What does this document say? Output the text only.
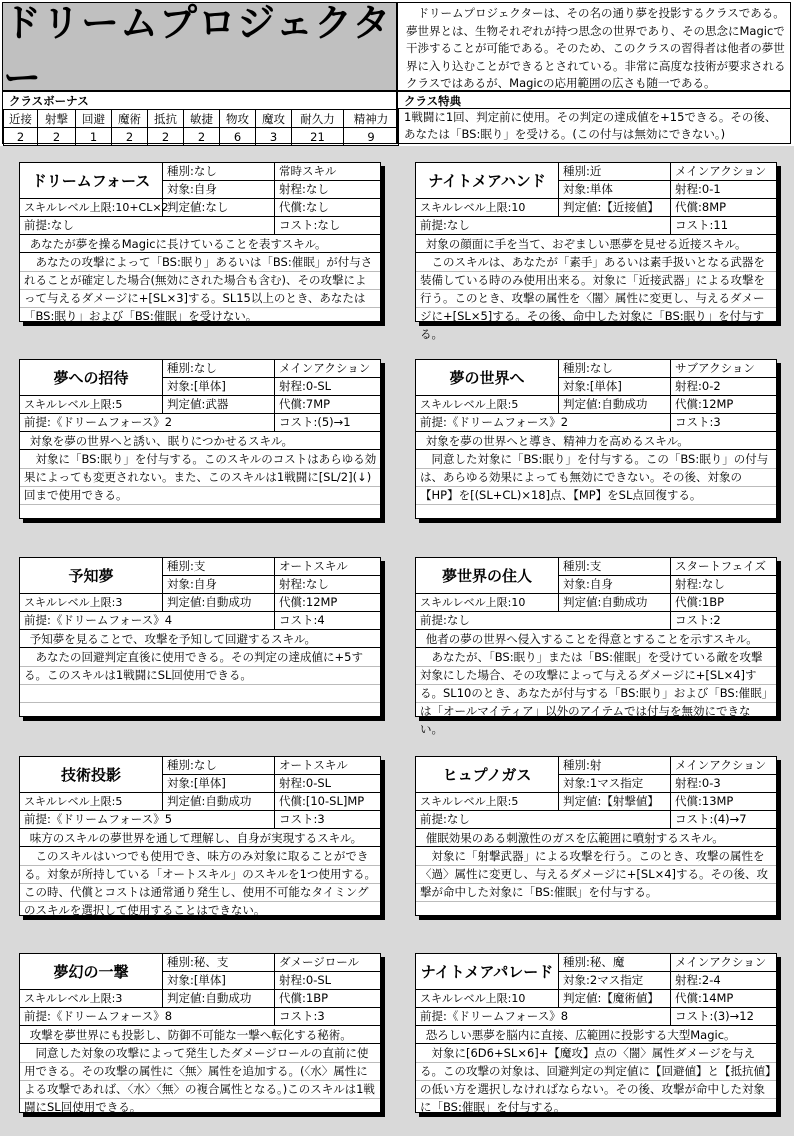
ドリームプロジェクター
ドリームプロジェクターは、その名の通り夢を投影するクラスである。夢世界とは、生物それぞれが持つ思念の世界であり、その思念にMagicで干渉することが可能である。そのため、このクラスの習得者は他者の夢世界に入り込むことができるとされている。非常に高度な技術が要求されるクラスではあるが、Magicの応用範囲の広さも随一である。
クラスボーナス
近接	射撃	回避	魔術	抵抗	敏捷	物攻	魔攻	耐久力	精神力
2	2	1	2	2	2	6	3	21	9
クラス特典
1戦闘に1回、判定前に使用。その判定の達成値を+15できる。その後、あなたは「BS:眠り」を受ける。(この付与は無効にできない。)
ドリームフォース
種別:なし	常時スキル
対象:自身	射程:なし
スキルレベル上限:10+CL×2
判定値:なし	代償:なし
前提:なし	コスト:なし
あなたが夢を操るMagicに長けていることを表すスキル。
あなたの攻撃によって「BS:眠り」あるいは「BS:催眠」が付与されることが確定した場合(無効にされた場合も含む)、その攻撃によって与えるダメージに+[SL×3]する。SL15以上のとき、あなたは「BS:眠り」および「BS:催眠」を受けない。
ナイトメアハンド
種別:近	メインアクション
対象:単体	射程:0-1
スキルレベル上限:10	判定値:【近接値】	代償:8MP
前提:なし	コスト:11
対象の顔面に手を当て、おぞましい悪夢を見せる近接スキル。
このスキルは、あなたが「素手」あるいは素手扱いとなる武器を装備している時のみ使用出来る。対象に「近接武器」による攻撃を行う。このとき、攻撃の属性を〈闇〉属性に変更し、与えるダメージに+[SL×5]する。その後、命中した対象に「BS:眠り」を付与する。
夢への招待
種別:なし	メインアクション
対象:[単体]	射程:0-SL
スキルレベル上限:5	判定値:武器	代償:7MP
前提:《ドリームフォース》2	コスト:(5)→1
対象を夢の世界へと誘い、眠りにつかせるスキル。
対象に「BS:眠り」を付与する。このスキルのコストはあらゆる効果によっても変更されない。また、このスキルは1戦闘に[SL/2](↓)回まで使用できる。
夢の世界へ
種別:なし	サブアクション
対象:[単体]	射程:0-2
スキルレベル上限:5	判定値:自動成功	代償:12MP
前提:《ドリームフォース》2	コスト:3
対象を夢の世界へと導き、精神力を高めるスキル。
同意した対象に「BS:眠り」を付与する。この「BS:眠り」の付与は、あらゆる効果によっても無効にできない。その後、対象の【HP】を[(SL+CL)×18]点、【MP】をSL点回復する。
予知夢
種別:支	オートスキル
対象:自身	射程:なし
スキルレベル上限:3	判定値:自動成功	代償:12MP
前提:《ドリームフォース》4	コスト:4
予知夢を見ることで、攻撃を予知して回避するスキル。
あなたの回避判定直後に使用できる。その判定の達成値に+5する。このスキルは1戦闘にSL回使用できる。
夢世界の住人
種別:支	スタートフェイズ
対象:自身	射程:なし
スキルレベル上限:10	判定値:自動成功	代償:1BP
前提:なし	コスト:2
他者の夢の世界へ侵入することを得意とすることを示すスキル。
あなたが、「BS:眠り」または「BS:催眠」を受けている敵を攻撃対象にした場合、その攻撃によって与えるダメージに+[SL×4]する。SL10のとき、あなたが付与する「BS:眠り」および「BS:催眠」は「オールマイティア」以外のアイテムでは付与を無効にできない。
技術投影
種別:なし	オートスキル
対象:[単体]	射程:0-SL
スキルレベル上限:5	判定値:自動成功	代償:[10-SL]MP
前提:《ドリームフォース》5	コスト:3
味方のスキルの夢世界を通して理解し、自身が実現するスキル。
このスキルはいつでも使用でき、味方のみ対象に取ることができる。対象が所持している「オートスキル」のスキルを1つ使用する。この時、代償とコストは通常通り発生し、使用不可能なタイミングのスキルを選択して使用することはできない。
ヒュプノガス
種別:射	メインアクション
対象:1マス指定	射程:0-3
スキルレベル上限:5	判定値:【射撃値】	代償:13MP
前提:なし	コスト:(4)→7
催眠効果のある刺激性のガスを広範囲に噴射するスキル。
対象に「射撃武器」による攻撃を行う。このとき、攻撃の属性を〈過〉属性に変更し、与えるダメージに+[SL×4]する。その後、攻撃が命中した対象に「BS:催眠」を付与する。
夢幻の一撃
種別:秘、支	ダメージロール
対象:[単体]	射程:0-SL
スキルレベル上限:3	判定値:自動成功	代償:1BP
前提:《ドリームフォース》8	コスト:3
攻撃を夢世界にも投影し、防御不可能な一撃へ転化する秘術。
同意した対象の攻撃によって発生したダメージロールの直前に使用できる。その攻撃の属性に〈無〉属性を追加する。(〈水〉属性による攻撃であれば、〈水〉〈無〉の複合属性となる。)このスキルは1戦闘にSL回使用できる。
ナイトメアパレード
種別:秘、魔	メインアクション
対象:2マス指定	射程:2-4
スキルレベル上限:10	判定値:【魔術値】	代償:14MP
前提:《ドリームフォース》8	コスト:(3)→12
恐ろしい悪夢を脳内に直接、広範囲に投影する大型Magic。
対象に[6D6+SL×6]+【魔攻】点の〈闇〉属性ダメージを与える。この攻撃の対象は、回避判定の判定値に【回避値】と【抵抗値】の低い方を選択しなければならない。その後、攻撃が命中した対象に「BS:催眠」を付与する。
